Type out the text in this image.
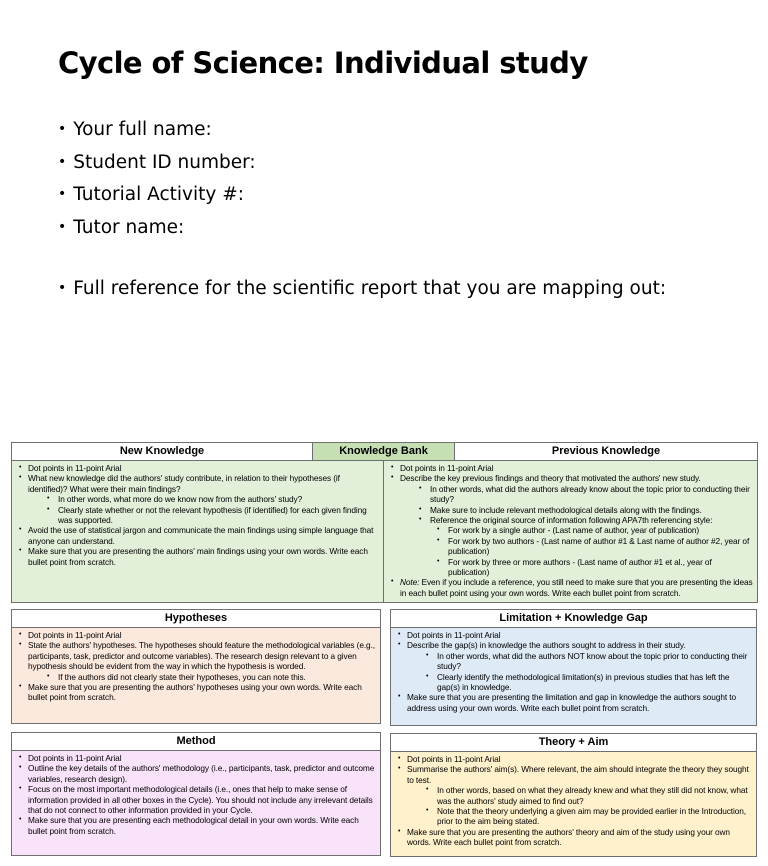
Cycle of Science: Individual study
• Your full name:
• Student ID number:
• Tutorial Activity #:
• Tutor name:
• Full reference for the scientific report that you are mapping out:
New Knowledge	Knowledge Bank	Previous Knowledge
• Dot points in 11-point Arial
• What new knowledge did the authors' study contribute, in relation to their hypotheses (if identified)? What were their main findings?
• In other words, what more do we know now from the authors' study?
• Clearly state whether or not the relevant hypothesis (if identified) for each given finding was supported.
• Avoid the use of statistical jargon and communicate the main findings using simple language that anyone can understand.
• Make sure that you are presenting the authors' main findings using your own words. Write each bullet point from scratch.
• Dot points in 11-point Arial
• Describe the key previous findings and theory that motivated the authors' new study.
• In other words, what did the authors already know about the topic prior to conducting their study?
• Make sure to include relevant methodological details along with the findings.
• Reference the original source of information following APA7th referencing style:
• For work by a single author - (Last name of author, year of publication)
• For work by two authors - (Last name of author #1 & Last name of author #2, year of publication)
• For work by three or more authors - (Last name of author #1 et al., year of publication)
• Note: Even if you include a reference, you still need to make sure that you are presenting the ideas in each bullet point using your own words. Write each bullet point from scratch.
Hypotheses
• Dot points in 11-point Arial
• State the authors' hypotheses. The hypotheses should feature the methodological variables (e.g., participants, task, predictor and outcome variables). The research design relevant to a given hypothesis should be evident from the way in which the hypothesis is worded.
• If the authors did not clearly state their hypotheses, you can note this.
• Make sure that you are presenting the authors' hypotheses using your own words. Write each bullet point from scratch.
Limitation + Knowledge Gap
• Dot points in 11-point Arial
• Describe the gap(s) in knowledge the authors sought to address in their study.
• In other words, what did the authors NOT know about the topic prior to conducting their study?
• Clearly identify the methodological limitation(s) in previous studies that has left the gap(s) in knowledge.
• Make sure that you are presenting the limitation and gap in knowledge the authors sought to address using your own words. Write each bullet point from scratch.
Method
• Dot points in 11-point Arial
• Outline the key details of the authors' methodology (i.e., participants, task, predictor and outcome variables, research design).
• Focus on the most important methodological details (i.e., ones that help to make sense of information provided in all other boxes in the Cycle). You should not include any irrelevant details that do not connect to other information provided in your Cycle.
• Make sure that you are presenting each methodological detail in your own words. Write each bullet point from scratch.
Theory + Aim
• Dot points in 11-point Arial
• Summarise the authors' aim(s). Where relevant, the aim should integrate the theory they sought to test.
• In other words, based on what they already knew and what they still did not know, what was the authors' study aimed to find out?
• Note that the theory underlying a given aim may be provided earlier in the Introduction, prior to the aim being stated.
• Make sure that you are presenting the authors' theory and aim of the study using your own words. Write each bullet point from scratch.
